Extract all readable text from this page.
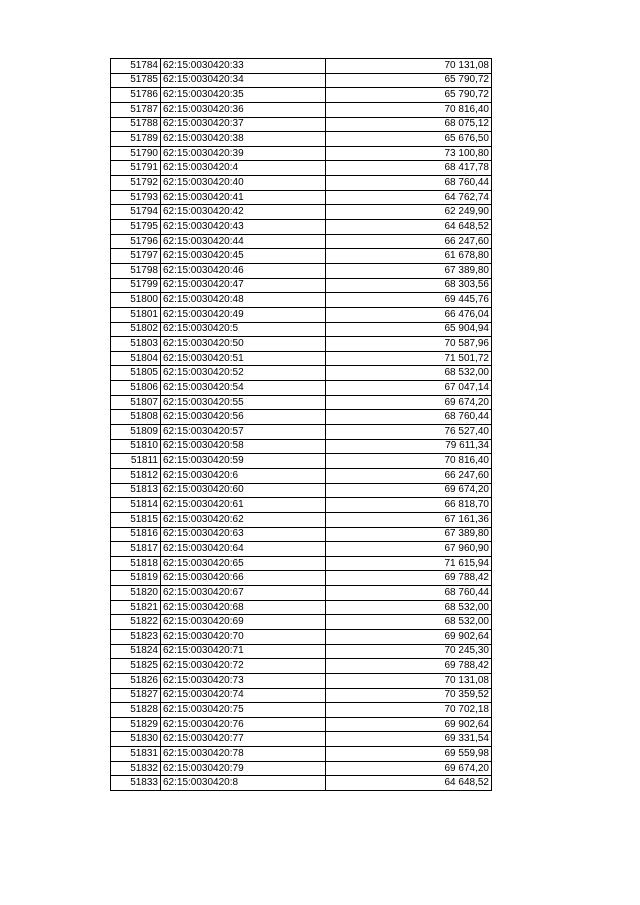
51784	62:15:0030420:33	70 131,08
51785	62:15:0030420:34	65 790,72
51786	62:15:0030420:35	65 790,72
51787	62:15:0030420:36	70 816,40
51788	62:15:0030420:37	68 075,12
51789	62:15:0030420:38	65 676,50
51790	62:15:0030420:39	73 100,80
51791	62:15:0030420:4	68 417,78
51792	62:15:0030420:40	68 760,44
51793	62:15:0030420:41	64 762,74
51794	62:15:0030420:42	62 249,90
51795	62:15:0030420:43	64 648,52
51796	62:15:0030420:44	66 247,60
51797	62:15:0030420:45	61 678,80
51798	62:15:0030420:46	67 389,80
51799	62:15:0030420:47	68 303,56
51800	62:15:0030420:48	69 445,76
51801	62:15:0030420:49	66 476,04
51802	62:15:0030420:5	65 904,94
51803	62:15:0030420:50	70 587,96
51804	62:15:0030420:51	71 501,72
51805	62:15:0030420:52	68 532,00
51806	62:15:0030420:54	67 047,14
51807	62:15:0030420:55	69 674,20
51808	62:15:0030420:56	68 760,44
51809	62:15:0030420:57	76 527,40
51810	62:15:0030420:58	79 611,34
51811	62:15:0030420:59	70 816,40
51812	62:15:0030420:6	66 247,60
51813	62:15:0030420:60	69 674,20
51814	62:15:0030420:61	66 818,70
51815	62:15:0030420:62	67 161,36
51816	62:15:0030420:63	67 389,80
51817	62:15:0030420:64	67 960,90
51818	62:15:0030420:65	71 615,94
51819	62:15:0030420:66	69 788,42
51820	62:15:0030420:67	68 760,44
51821	62:15:0030420:68	68 532,00
51822	62:15:0030420:69	68 532,00
51823	62:15:0030420:70	69 902,64
51824	62:15:0030420:71	70 245,30
51825	62:15:0030420:72	69 788,42
51826	62:15:0030420:73	70 131,08
51827	62:15:0030420:74	70 359,52
51828	62:15:0030420:75	70 702,18
51829	62:15:0030420:76	69 902,64
51830	62:15:0030420:77	69 331,54
51831	62:15:0030420:78	69 559,98
51832	62:15:0030420:79	69 674,20
51833	62:15:0030420:8	64 648,52
